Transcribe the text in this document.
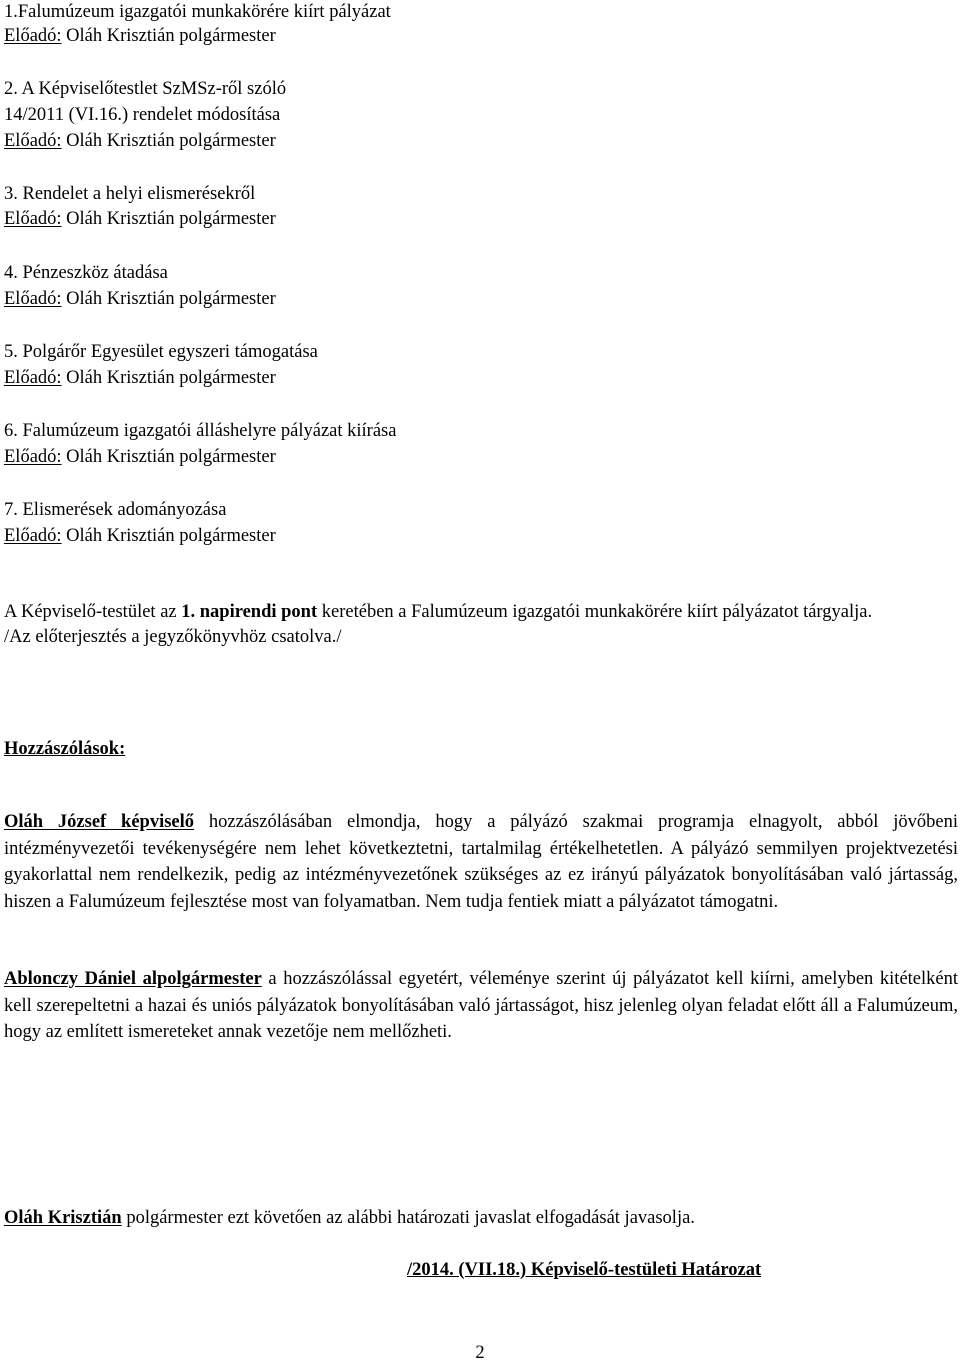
1.Falumúzeum igazgatói munkakörére kiírt pályázat
Előadó: Oláh Krisztián polgármester
2. A Képviselőtestlet SzMSz-ről szóló
14/2011 (VI.16.) rendelet módosítása
Előadó: Oláh Krisztián polgármester
3. Rendelet a helyi elismerésekről
Előadó: Oláh Krisztián polgármester
4. Pénzeszköz átadása
Előadó: Oláh Krisztián polgármester
5. Polgárőr Egyesület egyszeri támogatása
Előadó: Oláh Krisztián polgármester
6. Falumúzeum igazgatói álláshelyre pályázat kiírása
Előadó: Oláh Krisztián polgármester
7. Elismerések adományozása
Előadó: Oláh Krisztián polgármester

A Képviselő-testület az 1. napirendi pont keretében a Falumúzeum igazgatói munkakörére kiírt pályázatot tárgyalja.

/Az előterjesztés a jegyzőkönyvhöz csatolva./

Hozzászólások:

Oláh József képviselő hozzászólásában elmondja, hogy a pályázó szakmai programja elnagyolt, abból jövőbeni intézményvezetői tevékenységére nem lehet következtetni, tartalmilag értékelhetetlen. A pályázó semmilyen projektvezetési gyakorlattal nem rendelkezik, pedig az intézményvezetőnek szükséges az ez irányú pályázatok bonyolításában való jártasság, hiszen a Falumúzeum fejlesztése most van folyamatban. Nem tudja fentiek miatt a pályázatot támogatni.

Ablonczy Dániel alpolgármester a hozzászólással egyetért, véleménye szerint új pályázatot kell kiírni, amelyben kitételként kell szerepeltetni a hazai és uniós pályázatok bonyolításában való jártasságot, hisz jelenleg olyan feladat előtt áll a Falumúzeum, hogy az említett ismereteket annak vezetője nem mellőzheti.

Oláh Krisztián polgármester ezt követően az alábbi határozati javaslat elfogadását javasolja.

/2014. (VII.18.) Képviselő-testületi Határozat
2
